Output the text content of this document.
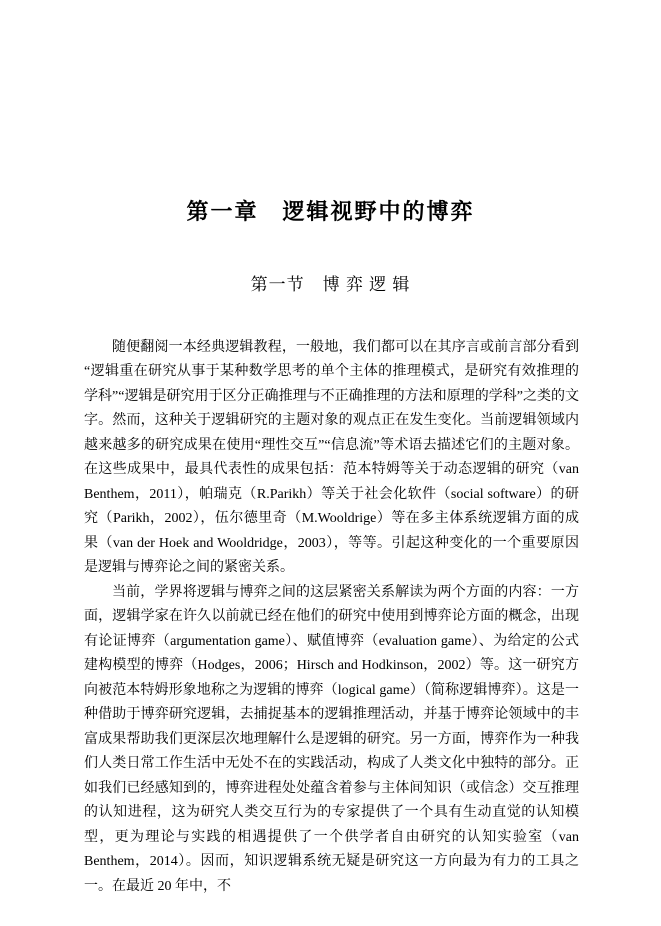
第一章　逻辑视野中的博弈
第一节　博 弈 逻 辑

随便翻阅一本经典逻辑教程，一般地，我们都可以在其序言或前言部分看到“逻辑重在研究从事于某种数学思考的单个主体的推理模式，是研究有效推理的学科”“逻辑是研究用于区分正确推理与不正确推理的方法和原理的学科”之类的文字。然而，这种关于逻辑研究的主题对象的观点正在发生变化。当前逻辑领域内越来越多的研究成果在使用“理性交互”“信息流”等术语去描述它们的主题对象。在这些成果中，最具代表性的成果包括：范本特姆等关于动态逻辑的研究（van Benthem，2011），帕瑞克（R.Parikh）等关于社会化软件（social software）的研究（Parikh，2002），伍尔德里奇（M.Wooldrige）等在多主体系统逻辑方面的成果（van der Hoek and Wooldridge，2003），等等。引起这种变化的一个重要原因是逻辑与博弈论之间的紧密关系。

当前，学界将逻辑与博弈之间的这层紧密关系解读为两个方面的内容：一方面，逻辑学家在许久以前就已经在他们的研究中使用到博弈论方面的概念，出现有论证博弈（argumentation game）、赋值博弈（evaluation game）、为给定的公式建构模型的博弈（Hodges，2006；Hirsch and Hodkinson，2002）等。这一研究方向被范本特姆形象地称之为逻辑的博弈（logical game）（简称逻辑博弈）。这是一种借助于博弈研究逻辑，去捕捉基本的逻辑推理活动，并基于博弈论领域中的丰富成果帮助我们更深层次地理解什么是逻辑的研究。另一方面，博弈作为一种我们人类日常工作生活中无处不在的实践活动，构成了人类文化中独特的部分。正如我们已经感知到的，博弈进程处处蕴含着参与主体间知识（或信念）交互推理的认知进程，这为研究人类交互行为的专家提供了一个具有生动直觉的认知模型，更为理论与实践的相遇提供了一个供学者自由研究的认知实验室（van Benthem，2014）。因而，知识逻辑系统无疑是研究这一方向最为有力的工具之一。在最近 20 年中，不
